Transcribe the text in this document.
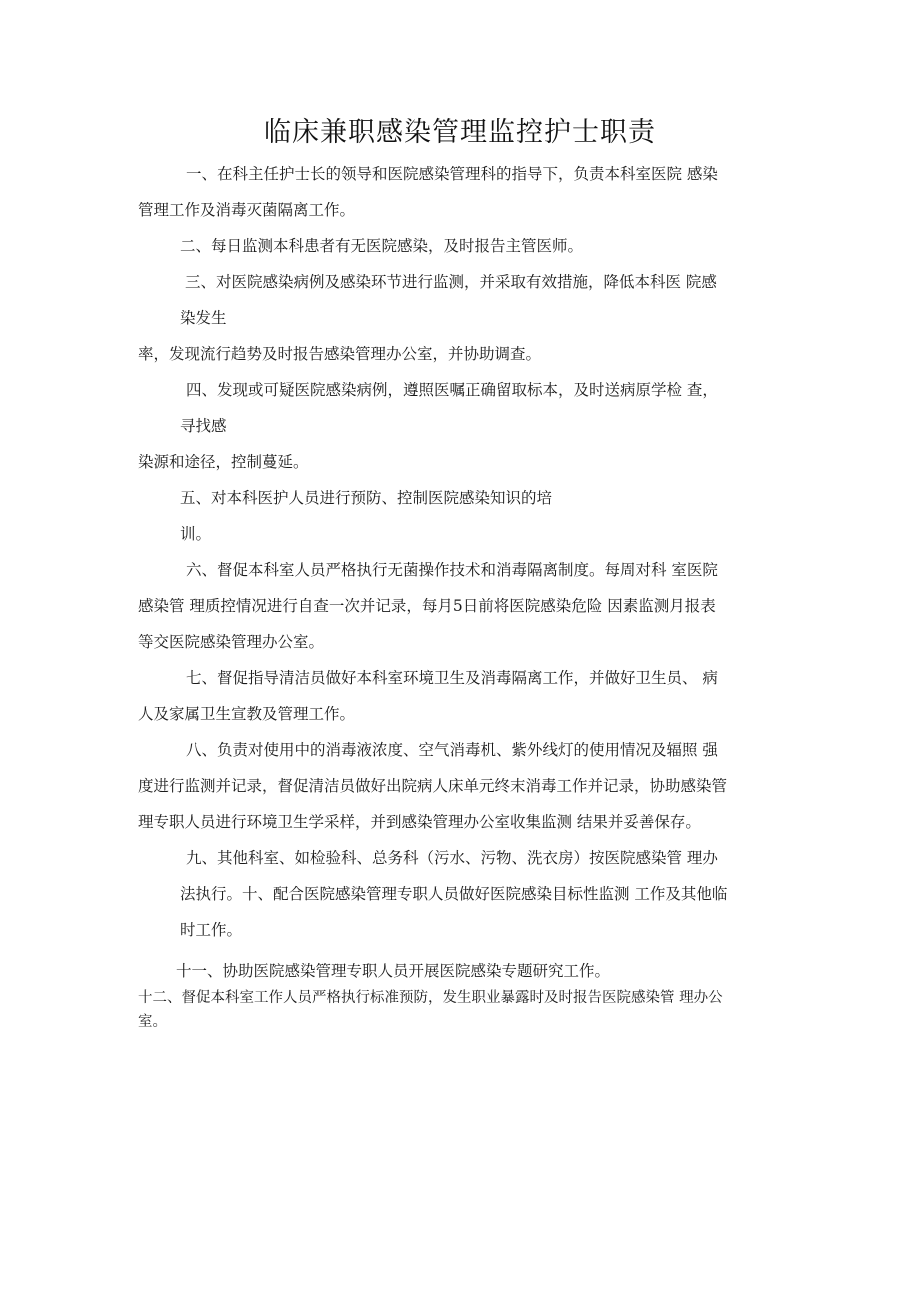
临床兼职感染管理监控护士职责
一、在科主任护士长的领导和医院感染管理科的指导下，负责本科室医院 感染
管理工作及消毒灭菌隔离工作。
二、每日监测本科患者有无医院感染，及时报告主管医师。
三、对医院感染病例及感染环节进行监测，并采取有效措施，降低本科医 院感
染发生
率，发现流行趋势及时报告感染管理办公室，并协助调查。
四、发现或可疑医院感染病例，遵照医嘱正确留取标本，及时送病原学检 查，
寻找感
染源和途径，控制蔓延。
五、对本科医护人员进行预防、控制医院感染知识的培
训。
六、督促本科室人员严格执行无菌操作技术和消毒隔离制度。每周对科 室医院
感染管 理质控情况进行自查一次并记录，每月5日前将医院感染危险 因素监测月报表
等交医院感染管理办公室。
七、督促指导清洁员做好本科室环境卫生及消毒隔离工作，并做好卫生员、 病
人及家属卫生宣教及管理工作。
八、负责对使用中的消毒液浓度、空气消毒机、紫外线灯的使用情况及辐照 强
度进行监测并记录，督促清洁员做好出院病人床单元终末消毒工作并记录，协助感染管
理专职人员进行环境卫生学采样，并到感染管理办公室收集监测 结果并妥善保存。
九、其他科室、如检验科、总务科（污水、污物、洗衣房）按医院感染管 理办
法执行。十、配合医院感染管理专职人员做好医院感染目标性监测 工作及其他临
时工作。
十一、协助医院感染管理专职人员开展医院感染专题研究工作。
十二、督促本科室工作人员严格执行标准预防，发生职业暴露时及时报告医院感染管 理办公
室。
